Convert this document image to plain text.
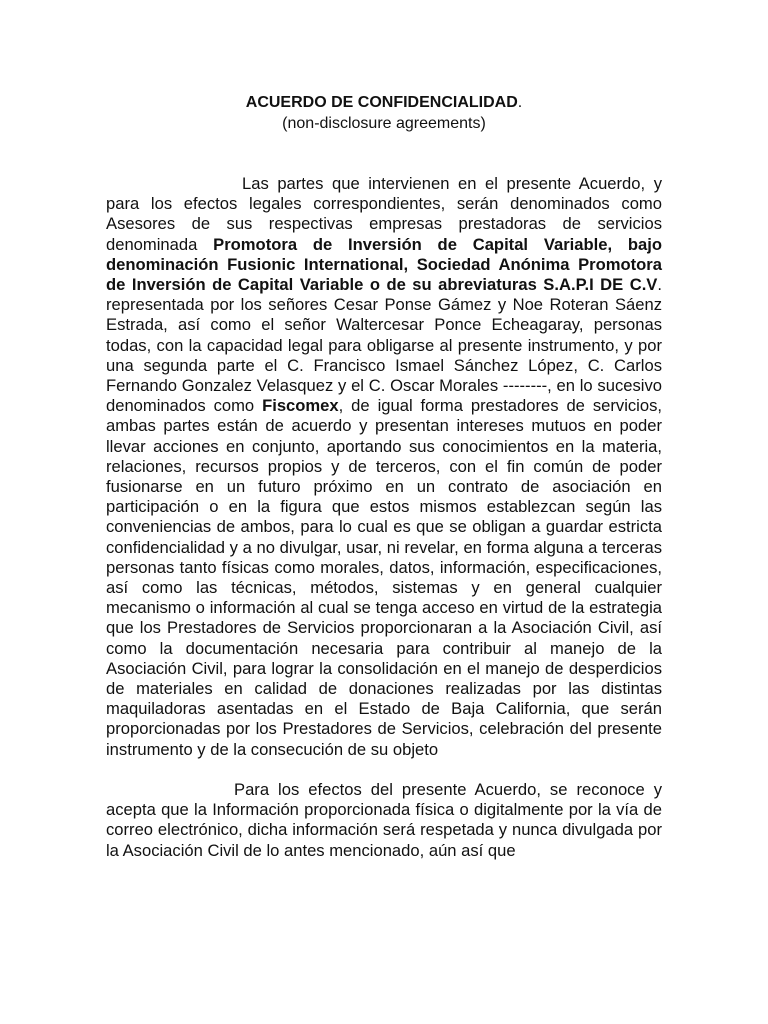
ACUERDO DE CONFIDENCIALIDAD.

(non-disclosure agreements)

Las partes que intervienen en el presente Acuerdo, y para los efectos legales correspondientes, serán denominados como Asesores de sus respectivas empresas prestadoras de servicios denominada Promotora de Inversión de Capital Variable, bajo denominación Fusionic International, Sociedad Anónima Promotora de Inversión de Capital Variable o de su abreviaturas S.A.P.I DE C.V. representada por los señores Cesar Ponse Gámez y Noe Roteran Sáenz Estrada, así como el señor Waltercesar Ponce Echeagaray, personas todas, con la capacidad legal para obligarse al presente instrumento, y por una segunda parte el C. Francisco Ismael Sánchez López, C. Carlos Fernando Gonzalez Velasquez y el C. Oscar Morales --------, en lo sucesivo denominados como Fiscomex, de igual forma prestadores de servicios, ambas partes están de acuerdo y presentan intereses mutuos en poder llevar acciones en conjunto, aportando sus conocimientos en la materia, relaciones, recursos propios y de terceros, con el fin común de poder fusionarse en un futuro próximo en un contrato de asociación en participación o en la figura que estos mismos establezcan según las conveniencias de ambos, para lo cual es que se obligan a guardar estricta confidencialidad y a no divulgar, usar, ni revelar, en forma alguna a terceras personas tanto físicas como morales, datos, información, especificaciones, así como las técnicas, métodos, sistemas y en general cualquier mecanismo o información al cual se tenga acceso en virtud de la estrategia que los Prestadores de Servicios proporcionaran a la Asociación Civil, así como la documentación necesaria para contribuir al manejo de la Asociación Civil, para lograr la consolidación en el manejo de desperdicios de materiales en calidad de donaciones realizadas por las distintas maquiladoras asentadas en el Estado de Baja California, que serán proporcionadas por los Prestadores de Servicios, celebración del presente instrumento y de la consecución de su objeto

Para los efectos del presente Acuerdo, se reconoce y acepta que la Información proporcionada física o digitalmente por la vía de correo electrónico, dicha información será respetada y nunca divulgada por la Asociación Civil de lo antes mencionado, aún así que
